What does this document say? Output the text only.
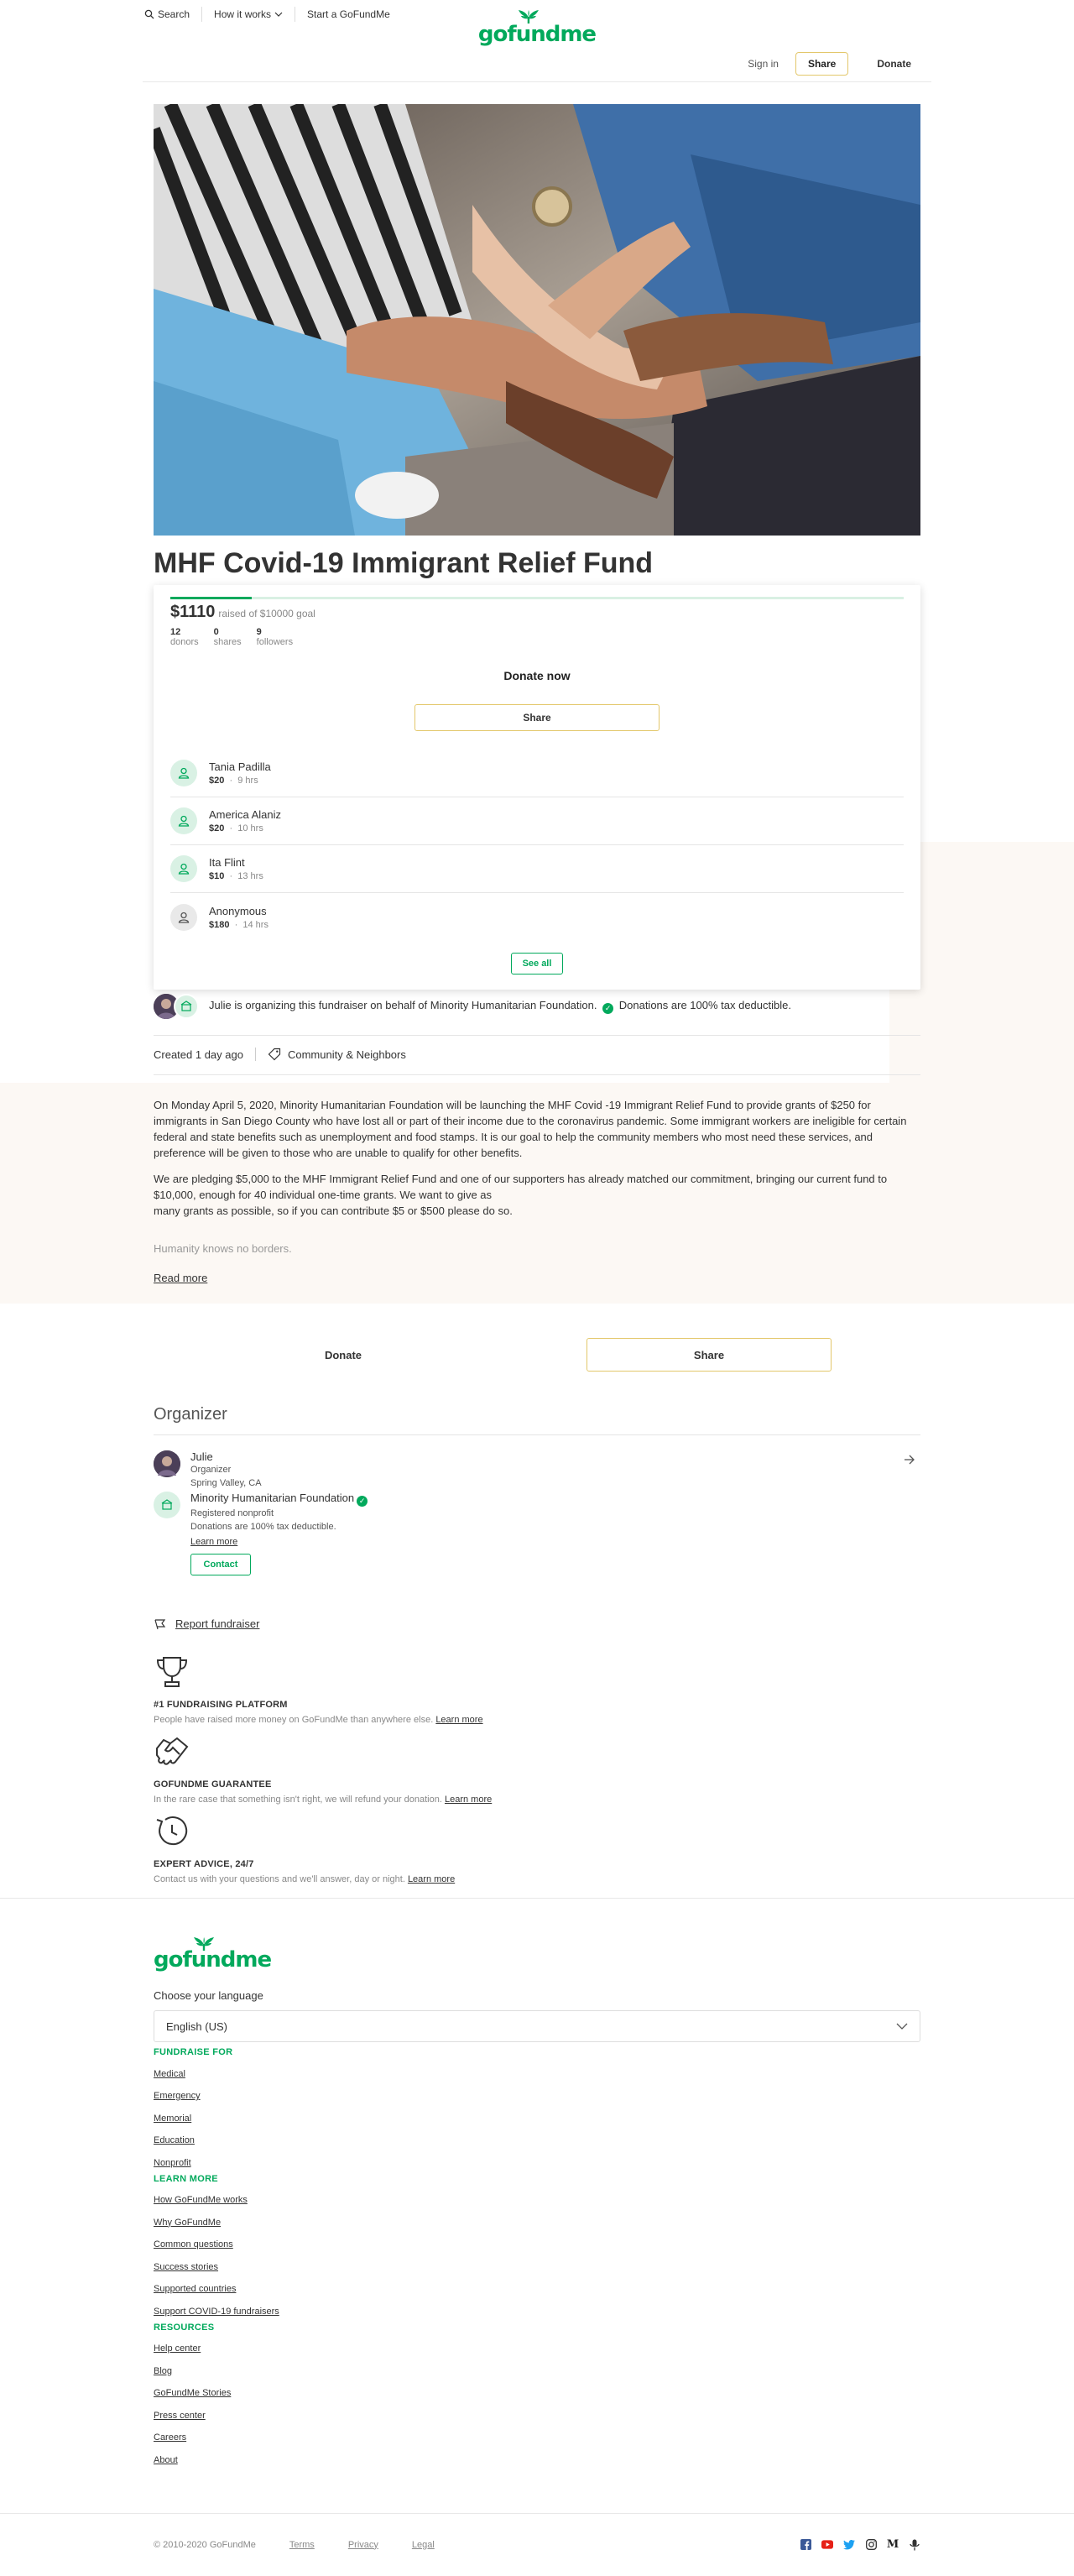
Search How it works	Start a GoFundMe
gofundme
Sign in	Share	Donate
MHF Covid-19 Immigrant Relief Fund
$1110 raised of $10000 goal
12
donors
0
shares
9
followers
Donate now
Share
Tania Padilla
$20  ·  9 hrs
America Alaniz
$20  ·  10 hrs
Ita Flint
$10  ·  13 hrs
Anonymous
$180  ·  14 hrs
See all
Julie is organizing this fundraiser on behalf of Minority Humanitarian Foundation. ✓ Donations are 100% tax deductible.
Created 1 day ago	Community & Neighbors

On Monday April 5, 2020, Minority Humanitarian Foundation will be launching the MHF Covid -19 Immigrant Relief Fund to provide grants of $250 for immigrants in San Diego County who have lost all or part of their income due to the coronavirus pandemic. Some immigrant workers are ineligible for certain federal and state benefits such as unemployment and food stamps. It is our goal to help the community members who most need these services, and preference will be given to those who are unable to qualify for other benefits.

We are pledging $5,000 to the MHF Immigrant Relief Fund and one of our supporters has already matched our commitment, bringing our current fund to $10,000, enough for 40 individual one-time grants. We want to give as
many grants as possible, so if you can contribute $5 or $500 please do so.

Humanity knows no borders.

Read more
Donate	Share
Organizer
Julie
Organizer
Spring Valley, CA
Minority Humanitarian Foundation ✓
Registered nonprofit
Donations are 100% tax deductible.
Learn more
Contact
Report fundraiser
#1 FUNDRAISING PLATFORM
People have raised more money on GoFundMe than anywhere else. Learn more
GOFUNDME GUARANTEE
In the rare case that something isn't right, we will refund your donation. Learn more
EXPERT ADVICE, 24/7
Contact us with your questions and we'll answer, day or night. Learn more
gofundme
Choose your language
English (US)
FUNDRAISE FOR
Medical
Emergency
Memorial
Education
Nonprofit
LEARN MORE
How GoFundMe works
Why GoFundMe
Common questions
Success stories
Supported countries
Support COVID-19 fundraisers
RESOURCES
Help center
Blog
GoFundMe Stories
Press center
Careers
About
© 2010-2020 GoFundMe	Terms	Privacy	Legal	M
